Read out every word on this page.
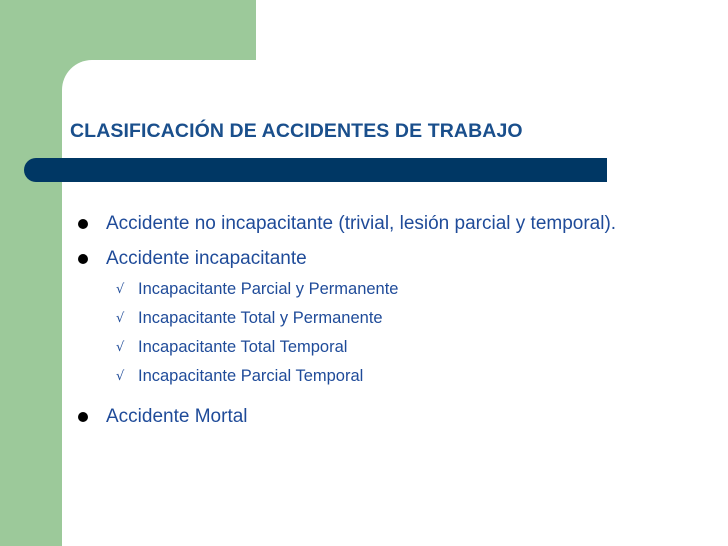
CLASIFICACIÓN DE ACCIDENTES DE TRABAJO
Accidente no incapacitante (trivial, lesión parcial y temporal).
Accidente incapacitante
√ Incapacitante Parcial y Permanente
√ Incapacitante Total y Permanente
√ Incapacitante Total Temporal
√ Incapacitante Parcial Temporal
Accidente Mortal
